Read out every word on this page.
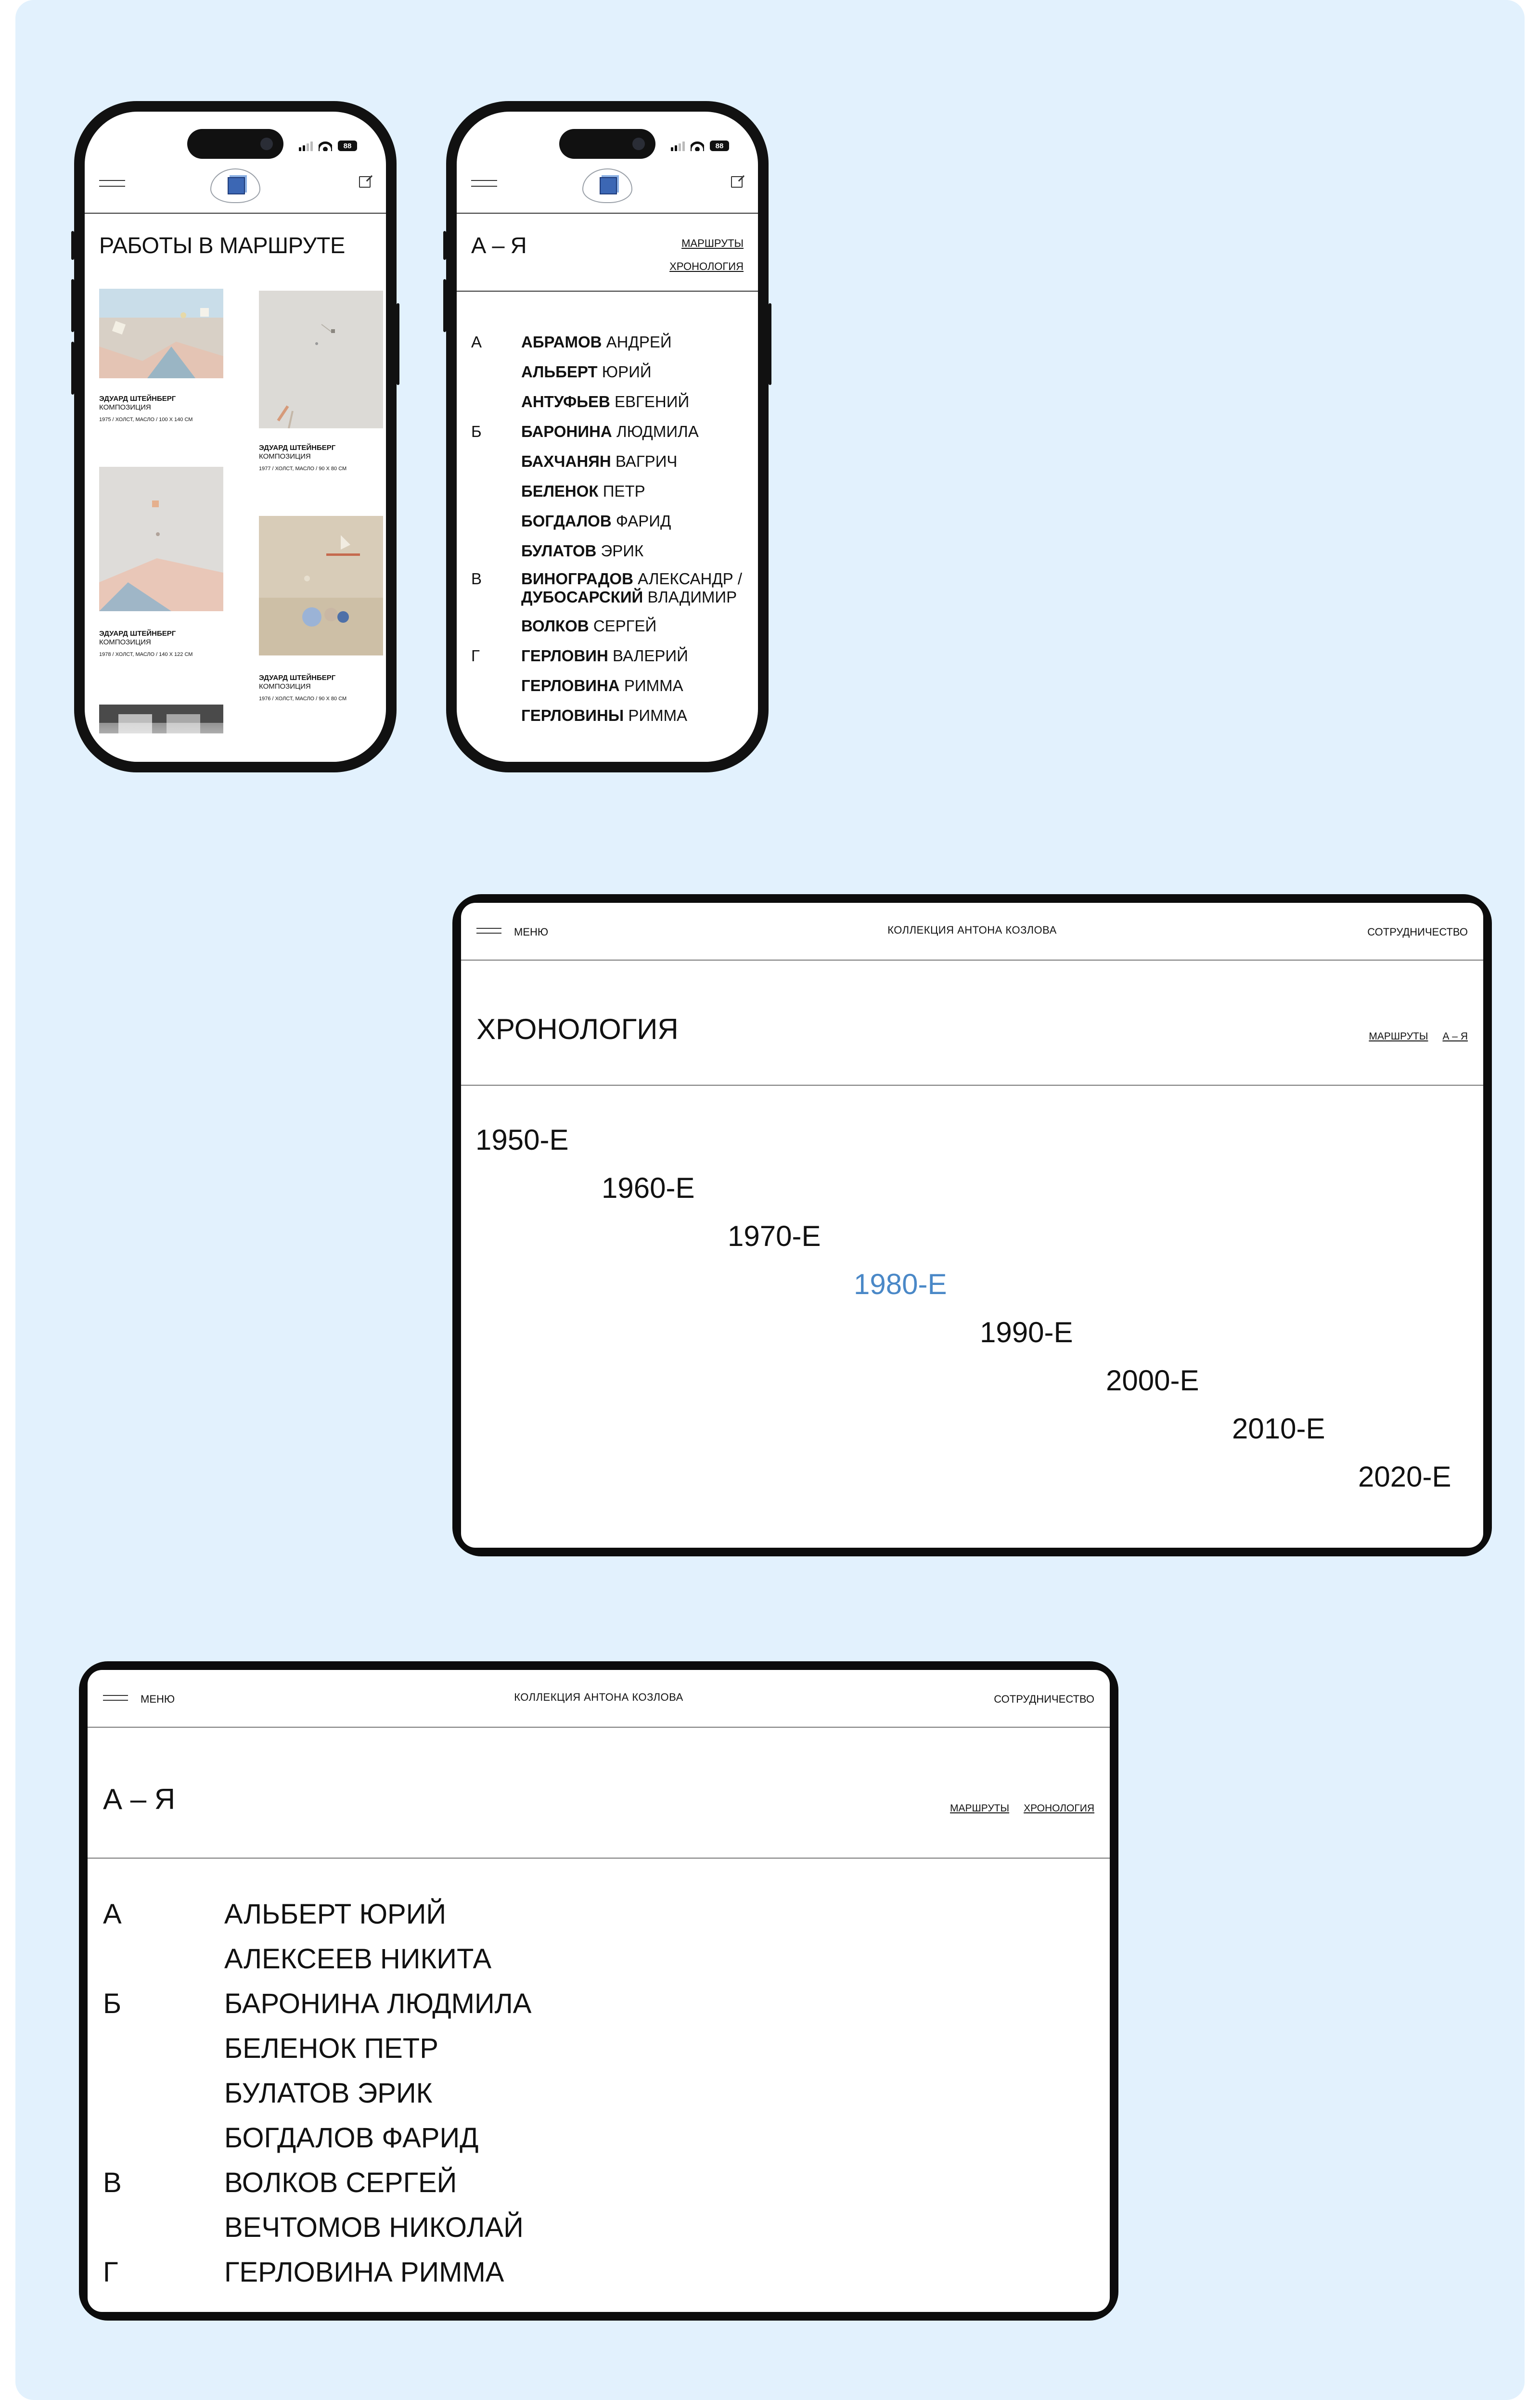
88
РАБОТЫ В МАРШРУТЕ
ЭДУАРД ШТЕЙНБЕРГ
КОМПОЗИЦИЯ
1975 / ХОЛСТ, МАСЛО / 100 Х 140 СМ
ЭДУАРД ШТЕЙНБЕРГ
КОМПОЗИЦИЯ
1977 / ХОЛСТ, МАСЛО / 90 Х 80 СМ
ЭДУАРД ШТЕЙНБЕРГ
КОМПОЗИЦИЯ
1978 / ХОЛСТ, МАСЛО / 140 Х 122 СМ
ЭДУАРД ШТЕЙНБЕРГ
КОМПОЗИЦИЯ
1976 / ХОЛСТ, МАСЛО / 90 Х 80 СМ
88
А – Я	МАРШРУТЫ
ХРОНОЛОГИЯ
А АБРАМОВ АНДРЕЙ
АЛЬБЕРТ ЮРИЙ
АНТУФЬЕВ ЕВГЕНИЙ
Б БАРОНИНА ЛЮДМИЛА
БАХЧАНЯН ВАГРИЧ
БЕЛЕНОК ПЕТР
БОГДАЛОВ ФАРИД
БУЛАТОВ ЭРИК
В ВИНОГРАДОВ АЛЕКСАНДР /
ДУБОСАРСКИЙ ВЛАДИМИР
ВОЛКОВ СЕРГЕЙ
Г	ГЕРЛОВИН ВАЛЕРИЙ
ГЕРЛОВИНА РИММА
ГЕРЛОВИНЫ РИММА
МЕНЮ	КОЛЛЕКЦИЯ АНТОНА КОЗЛОВА	СОТРУДНИЧЕСТВО
ХРОНОЛОГИЯ	МАРШРУТЫ А – Я
1950-Е
1960-Е
1970-Е
1980-Е
1990-Е
2000-Е
2010-Е
2020-Е
МЕНЮ	КОЛЛЕКЦИЯ АНТОНА КОЗЛОВА	СОТРУДНИЧЕСТВО
А – Я	МАРШРУТЫ ХРОНОЛОГИЯ
А	АЛЬБЕРТ ЮРИЙ
АЛЕКСЕЕВ НИКИТА
Б	БАРОНИНА ЛЮДМИЛА
БЕЛЕНОК ПЕТР
БУЛАТОВ ЭРИК
БОГДАЛОВ ФАРИД
В	ВОЛКОВ СЕРГЕЙ
ВЕЧТОМОВ НИКОЛАЙ
Г	ГЕРЛОВИНА РИММА
